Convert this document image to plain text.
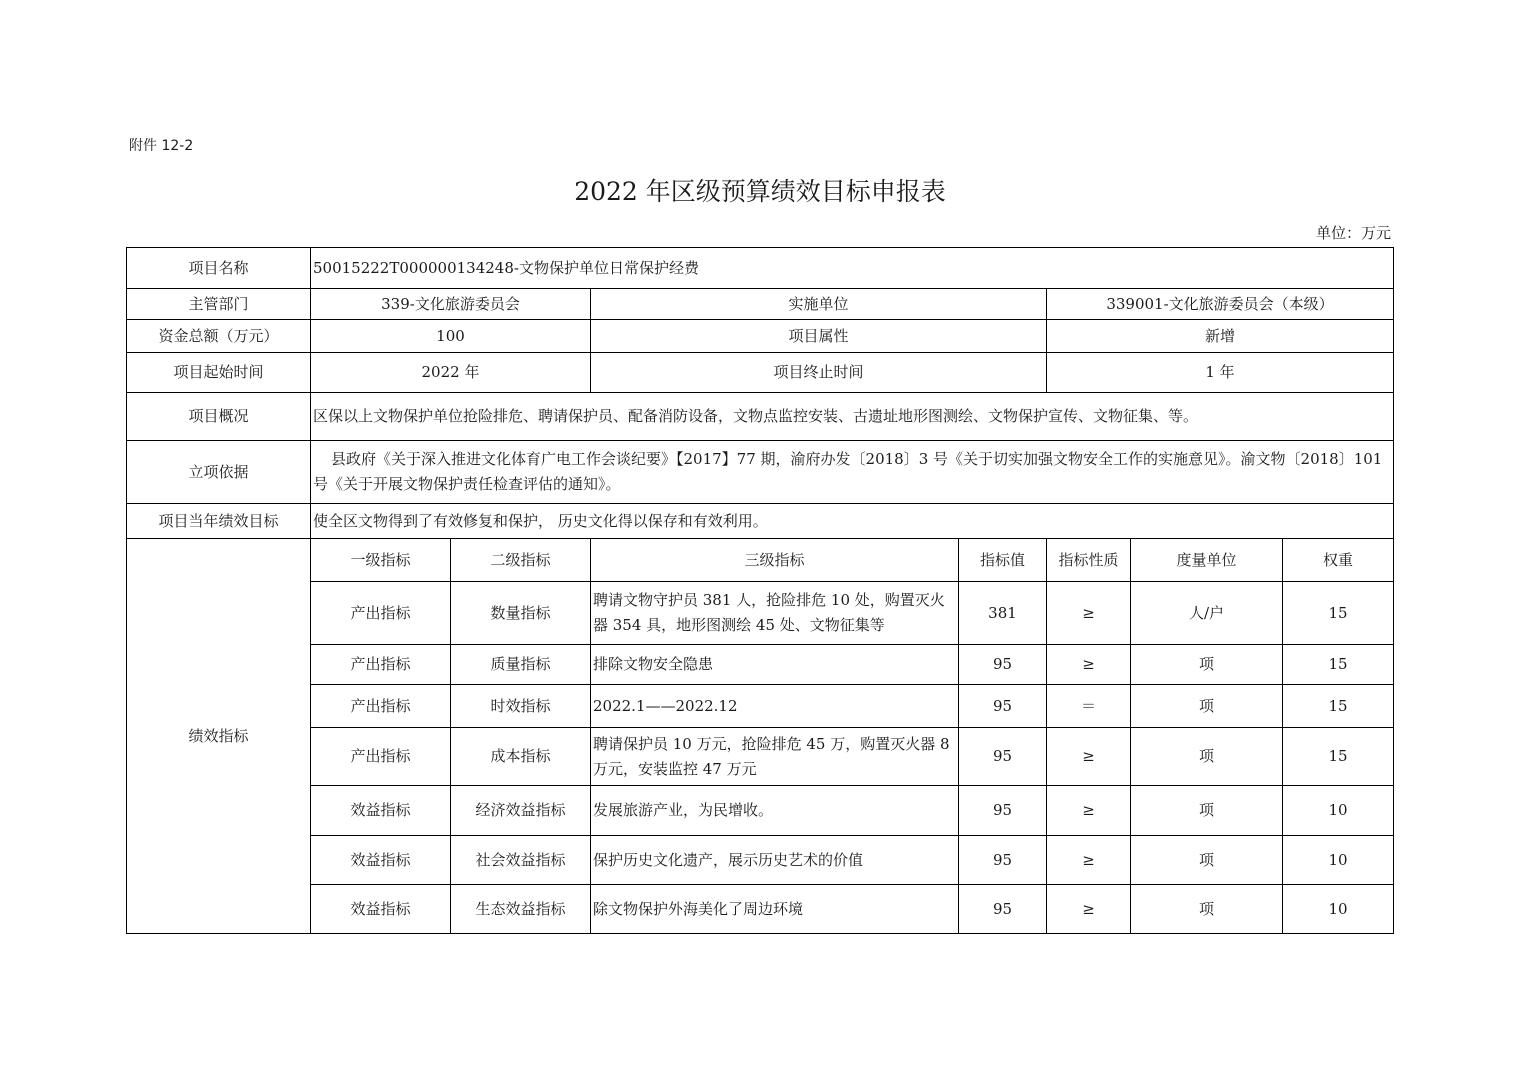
附件 12-2
2022 年区级预算绩效目标申报表
单位：万元
项目名称	50015222T000000134248-文物保护单位日常保护经费						
主管部门	339-文化旅游委员会		实施单位		339001-文化旅游委员会（本级）		
资金总额（万元）	100		项目属性		新增		
项目起始时间	2022 年		项目终止时间		1 年		
项目概况	区保以上文物保护单位抢险排危、聘请保护员、配备消防设备，文物点监控安装、古遗址地形图测绘、文物保护宣传、文物征集、等。						
立项依据	县政府《关于深入推进文化体育广电工作会谈纪要》【2017】77 期，渝府办发〔2018〕3 号《关于切实加强文物安全工作的实施意见》。渝文物〔2018〕101 号《关于开展文物保护责任检查评估的通知》。						
项目当年绩效目标	使全区文物得到了有效修复和保护， 历史文化得以保存和有效利用。						
绩效指标	一级指标	二级指标	三级指标	指标值	指标性质	度量单位	权重
	产出指标	数量指标	聘请文物守护员 381 人，抢险排危 10 处，购置灭火器 354 具，地形图测绘 45 处、文物征集等	381	≥	人/户	15
	产出指标	质量指标	排除文物安全隐患	95	≥	项	15
	产出指标	时效指标	2022.1——2022.12	95	＝	项	15
	产出指标	成本指标	聘请保护员 10 万元，抢险排危 45 万，购置灭火器 8 万元，安装监控 47 万元	95	≥	项	15
	效益指标	经济效益指标	发展旅游产业，为民增收。	95	≥	项	10
	效益指标	社会效益指标	保护历史文化遗产，展示历史艺术的价值	95	≥	项	10
	效益指标	生态效益指标	除文物保护外海美化了周边环境	95	≥	项	10
